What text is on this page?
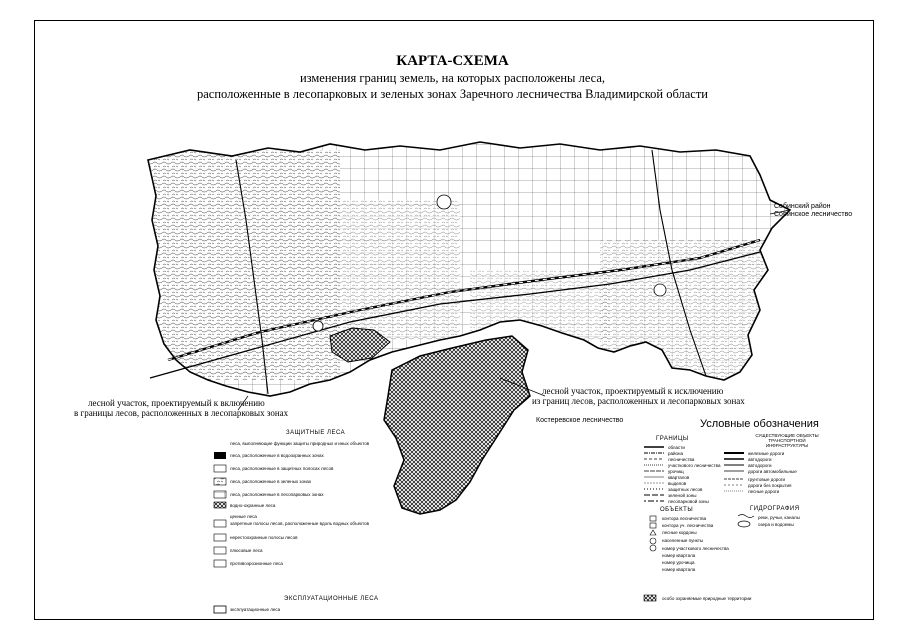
КАРТА-СХЕМА
изменения границ земель, на которых расположены леса,
расположенные в лесопарковых и зеленых зонах Заречного лесничества Владимирской области
Собинский район
Собинское лесничество
Костеревское лесничество
лесной участок, проектируемый к включению
в границы лесов, расположенных в лесопарковых зонах
лесной участок, проектируемый к исключению
из границ лесов, расположенных и лесопарковых зонах
Условные обозначения
ЗАЩИТНЫЕ ЛЕСА
леса, выполняющие функции защиты природных и иных объектов
леса, расположенные в водоохранных зонах
леса, расположенные в защитных полосах лесов
леса, расположенные в зеленых зонах
леса, расположенные в лесопарковых зонах
водно-охранные леса
ценные леса
запретные полосы лесов, расположенные вдоль водных объектов
нерестоохранные полосы лесов
плюсовые леса
противоэрозионные леса
ЭКСПЛУАТАЦИОННЫЕ ЛЕСА
эксплуатационные леса
ГРАНИЦЫ
области
района
лесничества
участкового лесничества
урочищ
кварталов
выделов
защитных лесов
зеленой зоны
лесопарковой зоны
СУЩЕСТВУЮЩИЕ ОБЪЕКТЫ ТРАНСПОРТНОЙ ИНФРАСТРУКТУРЫ
железные дороги
автодороги
автодороги
дороги автомобильные
грунтовые дороги
дороги без покрытия
лесные дороги
ОБЪЕКТЫ
контора лесничества
контора уч. лесничества
лесные кордоны
населенные пункты
номер участкового лесничества
номер квартала
номер урочища
номер квартала
особо охраняемые природные территории
ГИДРОГРАФИЯ
реки, ручьи, каналы
озера и водоемы
